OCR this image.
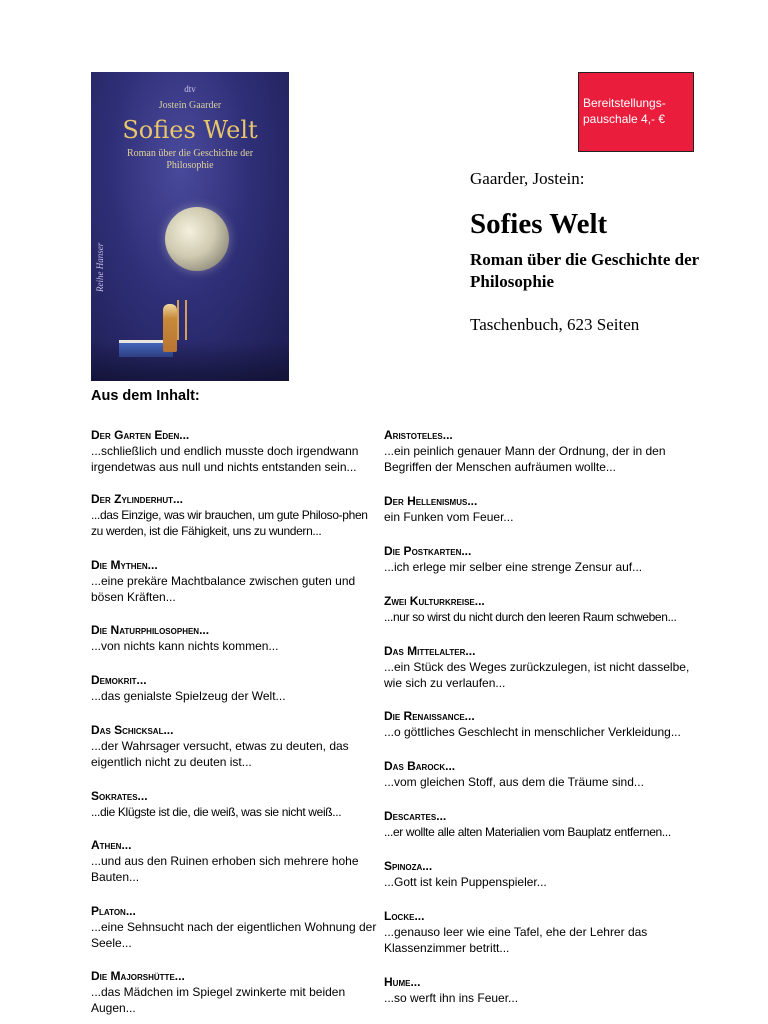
dtv
Jostein Gaarder
Sofies Welt
Roman über die Geschichte der Philosophie
Reihe Hanser
Bereitstellungs-pauschale 4,- €
Gaarder, Jostein:
Sofies Welt
Roman über die Geschichte der Philosophie
Taschenbuch, 623 Seiten
Aus dem Inhalt:
Der Garten Eden...
...schließlich und endlich musste doch irgendwann irgendetwas aus null und nichts entstanden sein...
Der Zylinderhut...
...das Einzige, was wir brauchen, um gute Philoso-phen zu werden, ist die Fähigkeit, uns zu wundern...
Die Mythen...
...eine prekäre Machtbalance zwischen guten und bösen Kräften...
Die Naturphilosophen...
...von nichts kann nichts kommen...
Demokrit...
...das genialste Spielzeug der Welt...
Das Schicksal...
...der Wahrsager versucht, etwas zu deuten, das eigentlich nicht zu deuten ist...
Sokrates...
...die Klügste ist die, die weiß, was sie nicht weiß...
Athen...
...und aus den Ruinen erhoben sich mehrere hohe Bauten...
Platon...
...eine Sehnsucht nach der eigentlichen Wohnung der Seele...
Die Majorshütte...
...das Mädchen im Spiegel zwinkerte mit beiden Augen...
Aristoteles...
...ein peinlich genauer Mann der Ordnung, der in den Begriffen der Menschen aufräumen wollte...
Der Hellenismus...
ein Funken vom Feuer...
Die Postkarten...
...ich erlege mir selber eine strenge Zensur auf...
Zwei Kulturkreise...
...nur so wirst du nicht durch den leeren Raum schweben...
Das Mittelalter...
...ein Stück des Weges zurückzulegen, ist nicht dasselbe, wie sich zu verlaufen...
Die Renaissance...
...o göttliches Geschlecht in menschlicher Verkleidung...
Das Barock...
...vom gleichen Stoff, aus dem die Träume sind...
Descartes...
...er wollte alle alten Materialien vom Bauplatz entfernen...
Spinoza...
...Gott ist kein Puppenspieler...
Locke...
...genauso leer wie eine Tafel, ehe der Lehrer das Klassenzimmer betritt...
Hume...
...so werft ihn ins Feuer...
